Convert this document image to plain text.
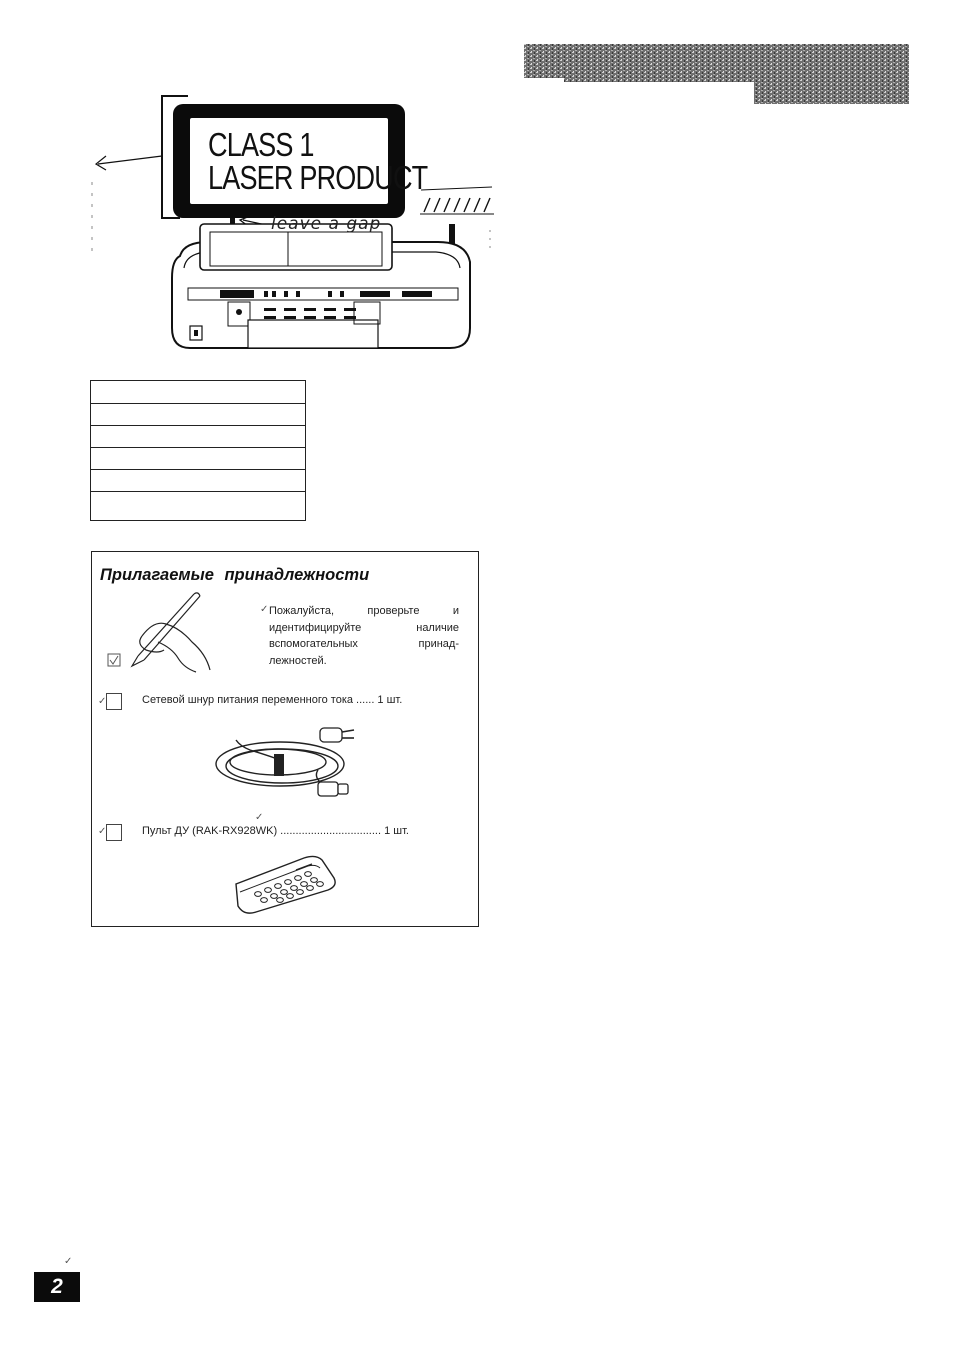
CLASS 1
LASER PRODUCT
leave a gap
Прилагаемые принадлежности
✓ Пожалуйста, проверьте и идентифицируйте наличие вспомогательных принад-лежностей.
✓	Сетевой шнур питания переменного тока ...... 1 шт.
✓
✓	Пульт ДУ (RAK-RX928WK) ................................. 1 шт.
✓
2
